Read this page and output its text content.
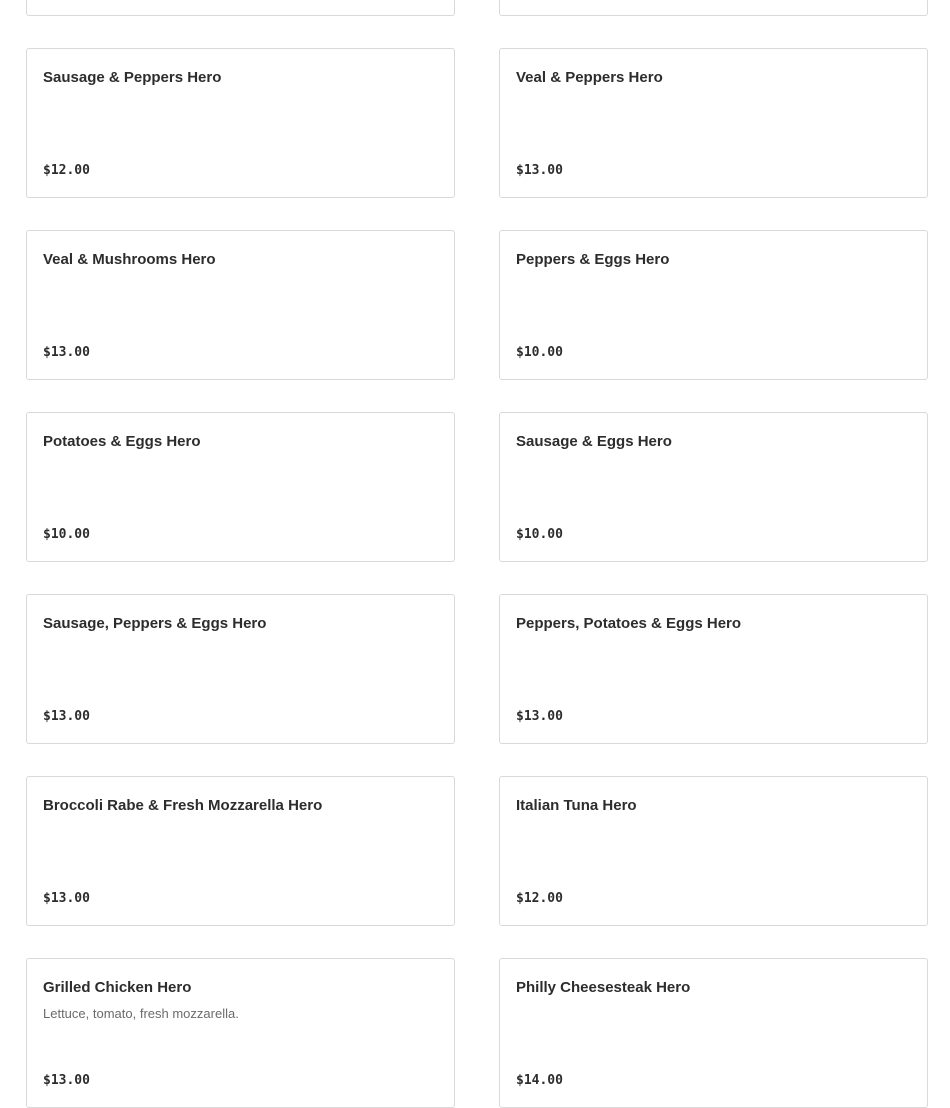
Sausage & Peppers Hero
$12.00
Veal & Peppers Hero
$13.00
Veal & Mushrooms Hero
$13.00
Peppers & Eggs Hero
$10.00
Potatoes & Eggs Hero
$10.00
Sausage & Eggs Hero
$10.00
Sausage, Peppers & Eggs Hero
$13.00
Peppers, Potatoes & Eggs Hero
$13.00
Broccoli Rabe & Fresh Mozzarella Hero
$13.00
Italian Tuna Hero
$12.00
Grilled Chicken Hero
Lettuce, tomato, fresh mozzarella.
$13.00
Philly Cheesesteak Hero
$14.00
